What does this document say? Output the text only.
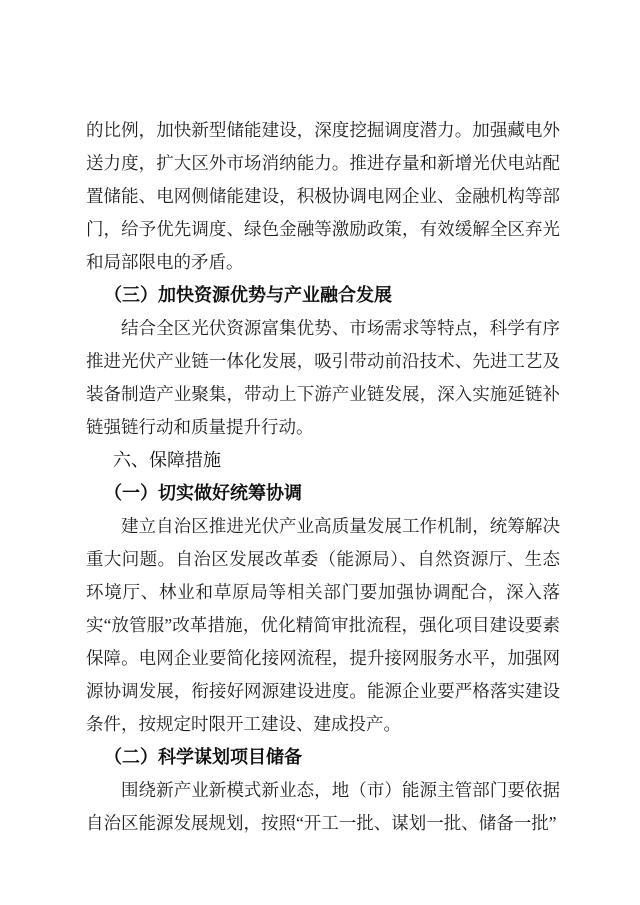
的比例，加快新型储能建设，深度挖掘调度潜力。加强藏电外送力度，扩大区外市场消纳能力。推进存量和新增光伏电站配置储能、电网侧储能建设，积极协调电网企业、金融机构等部门，给予优先调度、绿色金融等激励政策，有效缓解全区弃光和局部限电的矛盾。

（三）加快资源优势与产业融合发展

结合全区光伏资源富集优势、市场需求等特点，科学有序推进光伏产业链一体化发展，吸引带动前沿技术、先进工艺及装备制造产业聚集，带动上下游产业链发展，深入实施延链补链强链行动和质量提升行动。

六、保障措施
（一）切实做好统筹协调

建立自治区推进光伏产业高质量发展工作机制，统筹解决重大问题。自治区发展改革委（能源局）、自然资源厅、生态环境厅、林业和草原局等相关部门要加强协调配合，深入落实“放管服”改革措施，优化精简审批流程，强化项目建设要素保障。电网企业要简化接网流程，提升接网服务水平，加强网源协调发展，衔接好网源建设进度。能源企业要严格落实建设条件，按规定时限开工建设、建成投产。

（二）科学谋划项目储备

围绕新产业新模式新业态，地（市）能源主管部门要依据自治区能源发展规划，按照“开工一批、谋划一批、储备一批”
